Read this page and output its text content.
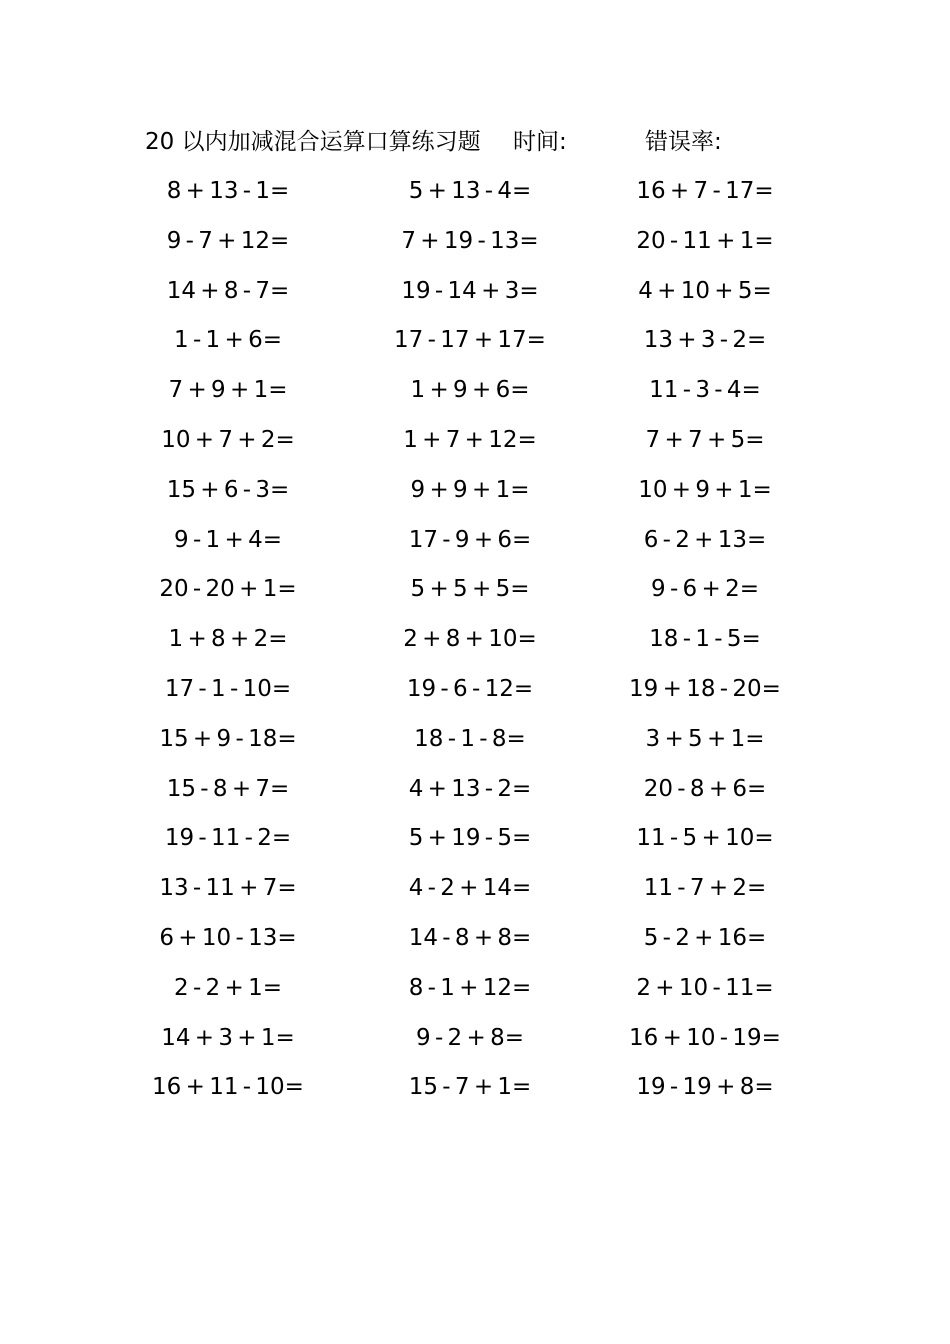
20 以内加减混合运算口算练习题 时间:	错误率:
8 + 13 - 1=	5 + 13 - 4=	16 + 7 - 17=
9 - 7 + 12=	7 + 19 - 13=	20 - 11 + 1=
14 + 8 - 7=	19 - 14 + 3=	4 + 10 + 5=
1 - 1 + 6=	17 - 17 + 17=	13 + 3 - 2=
7 + 9 + 1=	1 + 9 + 6=	11 - 3 - 4=
10 + 7 + 2=	1 + 7 + 12=	7 + 7 + 5=
15 + 6 - 3=	9 + 9 + 1=	10 + 9 + 1=
9 - 1 + 4=	17 - 9 + 6=	6 - 2 + 13=
20 - 20 + 1=	5 + 5 + 5=	9 - 6 + 2=
1 + 8 + 2=	2 + 8 + 10=	18 - 1 - 5=
17 - 1 - 10=	19 - 6 - 12=	19 + 18 - 20=
15 + 9 - 18=	18 - 1 - 8=	3 + 5 + 1=
15 - 8 + 7=	4 + 13 - 2=	20 - 8 + 6=
19 - 11 - 2=	5 + 19 - 5=	11 - 5 + 10=
13 - 11 + 7=	4 - 2 + 14=	11 - 7 + 2=
6 + 10 - 13=	14 - 8 + 8=	5 - 2 + 16=
2 - 2 + 1=	8 - 1 + 12=	2 + 10 - 11=
14 + 3 + 1=	9 - 2 + 8=	16 + 10 - 19=
16 + 11 - 10=	15 - 7 + 1=	19 - 19 + 8=
